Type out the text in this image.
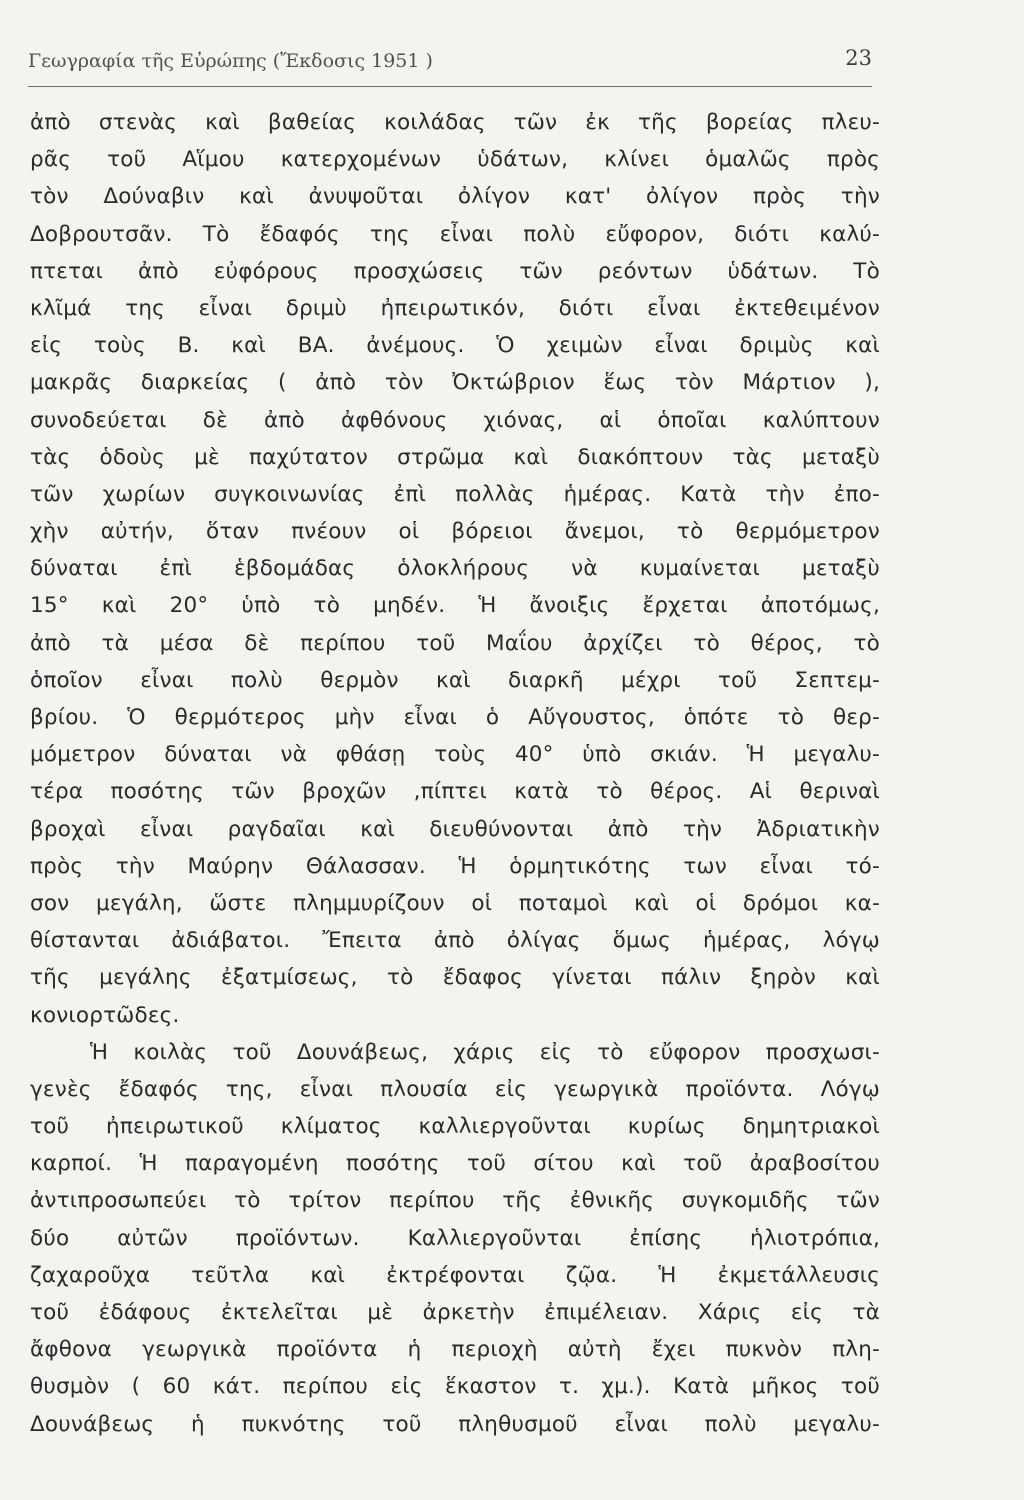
Γεωγραφία τῆς Εὐρώπης (Ἔκδοσις 1951 )	23
ἀπὸ στενὰς καὶ βαθείας κοιλάδας τῶν ἐκ τῆς βορείας πλευ-
ρᾶς τοῦ Αἵμου κατερχομένων ὑδάτων, κλίνει ὁμαλῶς πρὸς
τὸν Δούναβιν καὶ ἀνυψοῦται ὀλίγον κατ' ὀλίγον πρὸς τὴν
Δοβρουτσᾶν. Τὸ ἔδαφός της εἶναι πολὺ εὔφορον, διότι καλύ-
πτεται ἀπὸ εὐφόρους προσχώσεις τῶν ρεόντων ὑδάτων. Τὸ
κλῖμά της εἶναι δριμὺ ἠπειρωτικόν, διότι εἶναι ἐκτεθειμένον
εἰς τοὺς Β. καὶ ΒΑ. ἀνέμους. Ὁ χειμὼν εἶναι δριμὺς καὶ
μακρᾶς διαρκείας ( ἀπὸ τὸν Ὀκτώβριον ἕως τὸν Μάρτιον ),
συνοδεύεται δὲ ἀπὸ ἀφθόνους χιόνας, αἱ ὁποῖαι καλύπτουν
τὰς ὁδοὺς μὲ παχύτατον στρῶμα καὶ διακόπτουν τὰς μεταξὺ
τῶν χωρίων συγκοινωνίας ἐπὶ πολλὰς ἡμέρας. Κατὰ τὴν ἐπο-
χὴν αὐτήν, ὅταν πνέουν οἱ βόρειοι ἄνεμοι, τὸ θερμόμετρον
δύναται ἐπὶ ἑβδομάδας ὁλοκλήρους νὰ κυμαίνεται μεταξὺ
15° καὶ 20° ὑπὸ τὸ μηδέν. Ἡ ἄνοιξις ἔρχεται ἀποτόμως,
ἀπὸ τὰ μέσα δὲ περίπου τοῦ Μαΐου ἀρχίζει τὸ θέρος, τὸ
ὁποῖον εἶναι πολὺ θερμὸν καὶ διαρκῆ μέχρι τοῦ Σεπτεμ-
βρίου. Ὁ θερμότερος μὴν εἶναι ὁ Αὔγουστος, ὁπότε τὸ θερ-
μόμετρον δύναται νὰ φθάσῃ τοὺς 40° ὑπὸ σκιάν. Ἡ μεγαλυ-
τέρα ποσότης τῶν βροχῶν ,πίπτει κατὰ τὸ θέρος. Αἱ θεριναὶ
βροχαὶ εἶναι ραγδαῖαι καὶ διευθύνονται ἀπὸ τὴν Ἀδριατικὴν
πρὸς τὴν Μαύρην Θάλασσαν. Ἡ ὁρμητικότης των εἶναι τό-
σον μεγάλη, ὥστε πλημμυρίζουν οἱ ποταμοὶ καὶ οἱ δρόμοι κα-
θίστανται ἀδιάβατοι. Ἔπειτα ἀπὸ ὀλίγας ὅμως ἡμέρας, λόγῳ
τῆς μεγάλης ἐξατμίσεως, τὸ ἔδαφος γίνεται πάλιν ξηρὸν καὶ
κονιορτῶδες.
Ἡ κοιλὰς τοῦ Δουνάβεως, χάρις εἰς τὸ εὔφορον προσχωσι-
γενὲς ἔδαφός της, εἶναι πλουσία εἰς γεωργικὰ προϊόντα. Λόγῳ
τοῦ ἠπειρωτικοῦ κλίματος καλλιεργοῦνται κυρίως δημητριακοὶ
καρποί. Ἡ παραγομένη ποσότης τοῦ σίτου καὶ τοῦ ἀραβοσίτου
ἀντιπροσωπεύει τὸ τρίτον περίπου τῆς ἐθνικῆς συγκομιδῆς τῶν
δύο αὐτῶν προϊόντων. Καλλιεργοῦνται ἐπίσης ἡλιοτρόπια,
ζαχαροῦχα τεῦτλα καὶ ἐκτρέφονται ζῷα. Ἡ ἐκμετάλλευσις
τοῦ ἐδάφους ἐκτελεῖται μὲ ἀρκετὴν ἐπιμέλειαν. Χάρις εἰς τὰ
ἄφθονα γεωργικὰ προϊόντα ἡ περιοχὴ αὐτὴ ἔχει πυκνὸν πλη-
θυσμὸν ( 60 κάτ. περίπου εἰς ἕκαστον τ. χμ.). Κατὰ μῆκος τοῦ
Δουνάβεως ἡ πυκνότης τοῦ πληθυσμοῦ εἶναι πολὺ μεγαλυ-
